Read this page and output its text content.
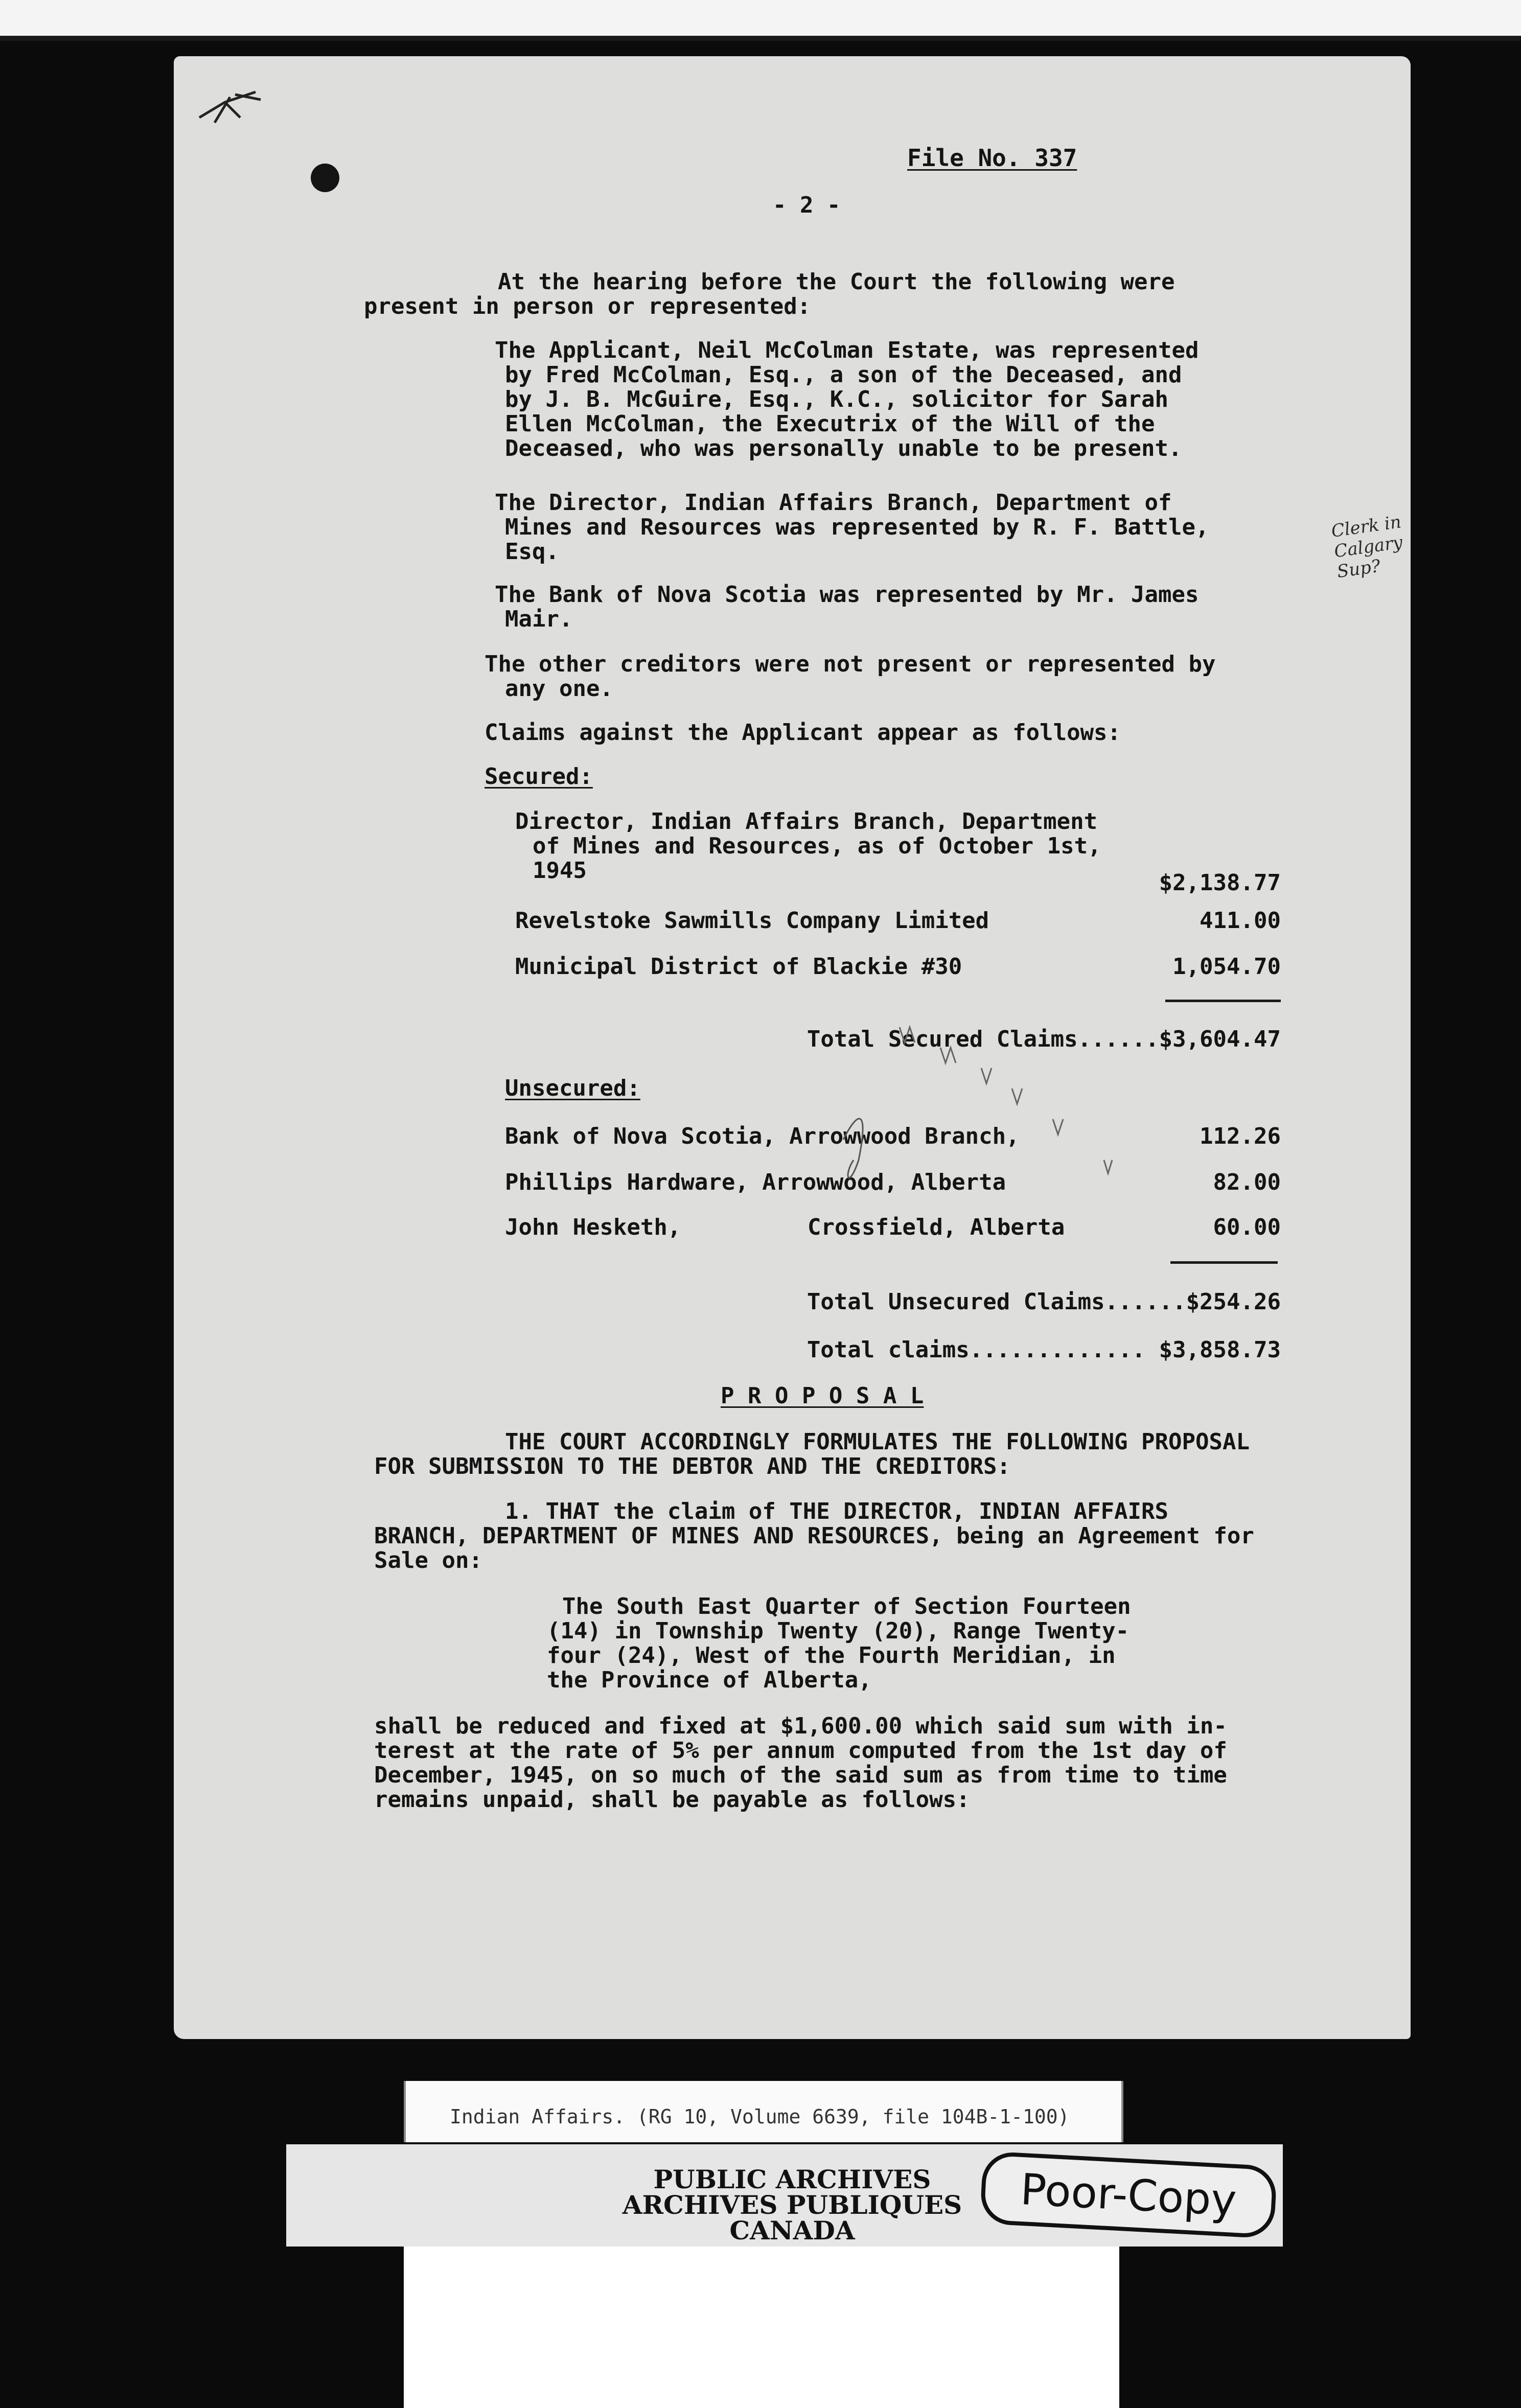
File No. 337
- 2 -
At the hearing before the Court the following were
present in person or represented:
The Applicant, Neil McColman Estate, was represented
by Fred McColman, Esq., a son of the Deceased, and
by J. B. McGuire, Esq., K.C., solicitor for Sarah
Ellen McColman, the Executrix of the Will of the
Deceased, who was personally unable to be present.
The Director, Indian Affairs Branch, Department of
Mines and Resources was represented by R. F. Battle,
Esq.
The Bank of Nova Scotia was represented by Mr. James
Mair.
The other creditors were not present or represented by
any one.
Claims against the Applicant appear as follows:
Secured:
Director, Indian Affairs Branch, Department
of Mines and Resources, as of October 1st,
1945	$2,138.77
Revelstoke Sawmills Company Limited	411.00
Municipal District of Blackie #30	1,054.70
Total Secured Claims......$3,604.47
Unsecured:
Bank of Nova Scotia, Arrowwood Branch,	112.26
Phillips Hardware, Arrowwood, Alberta	82.00
John Hesketh,	Crossfield, Alberta	60.00
Total Unsecured Claims......$254.26
Total claims............. $3,858.73
P R O P O S A L
THE COURT ACCORDINGLY FORMULATES THE FOLLOWING PROPOSAL
FOR SUBMISSION TO THE DEBTOR AND THE CREDITORS:
1. THAT the claim of THE DIRECTOR, INDIAN AFFAIRS
BRANCH, DEPARTMENT OF MINES AND RESOURCES, being an Agreement for
Sale on:
The South East Quarter of Section Fourteen
(14) in Township Twenty (20), Range Twenty-
four (24), West of the Fourth Meridian, in
the Province of Alberta,
shall be reduced and fixed at $1,600.00 which said sum with in-
terest at the rate of 5% per annum computed from the 1st day of
December, 1945, on so much of the said sum as from time to time
remains unpaid, shall be payable as follows:
Clerk in Calgary Sup?
Indian Affairs. (RG 10, Volume 6639, file 104B-1-100)
PUBLIC ARCHIVES
ARCHIVES PUBLIQUES
CANADA
Poor-Copy
